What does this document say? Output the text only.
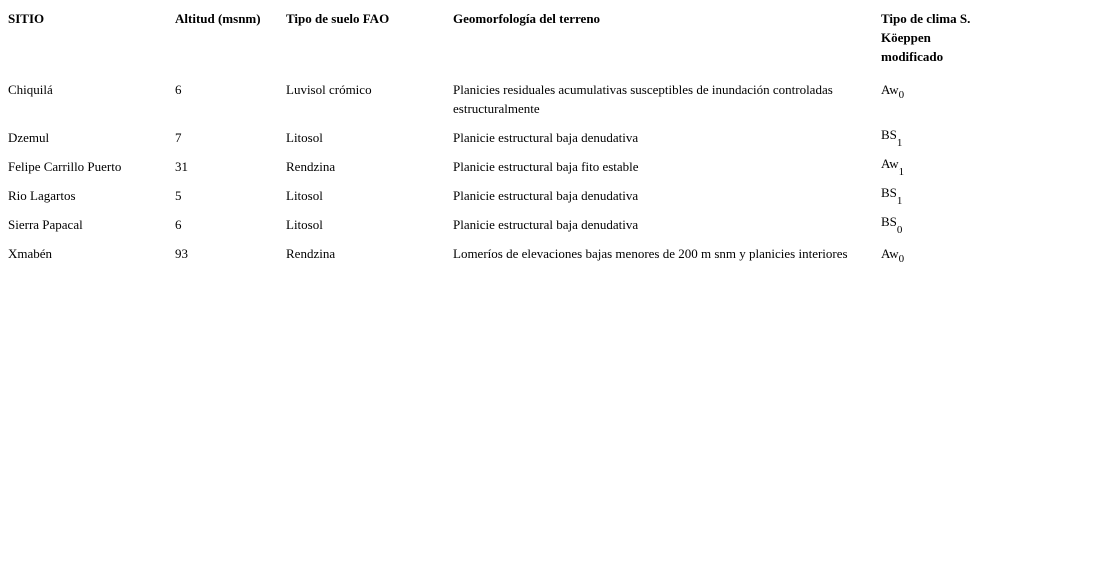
SITIO	Altitud (msnm)	Tipo de suelo FAO	Geomorfología del terreno	Tipo de clima S. Köeppen modificado
Chiquilá	6	Luvisol crómico	Planicies residuales acumulativas susceptibles de inundación controladas estructuralmente	$Aw_0$
Dzemul	7	Litosol	Planicie estructural baja denudativa	$BS_1$
Felipe Carrillo Puerto	31	Rendzina	Planicie estructural baja fito estable	$Aw_1$
Rio Lagartos	5	Litosol	Planicie estructural baja denudativa	$BS_1$
Sierra Papacal	6	Litosol	Planicie estructural baja denudativa	$BS_0$
Xmabén	93	Rendzina	Lomeríos de elevaciones bajas menores de 200 m snm y planicies interiores	$Aw_0$
